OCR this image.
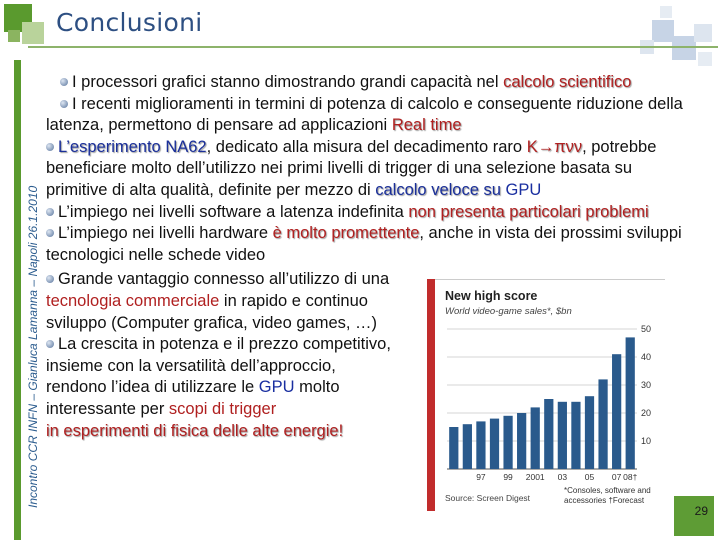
Incontro CCR INFN – Gianluca Lamanna – Napoli 26.1.2010
Conclusioni
I processori grafici stanno dimostrando grandi capacità nel calcolo scientifico
I recenti miglioramenti in termini di potenza di calcolo e conseguente riduzione della latenza, permettono di pensare ad applicazioni Real time
L’esperimento NA62, dedicato alla misura del decadimento raro K→πνν, potrebbe beneficiare molto dell’utilizzo nei primi livelli di trigger di una selezione basata su primitive di alta qualità, definite per mezzo di calcolo veloce su GPU
L’impiego nei livelli software a latenza indefinita non presenta particolari problemi
L’impiego nei livelli hardware è molto promettente, anche in vista dei prossimi sviluppi tecnologici nelle schede video
Grande vantaggio connesso all’utilizzo di una tecnologia commerciale in rapido e continuo sviluppo (Computer grafica, video games, …)
La crescita in potenza e il prezzo competitivo, insieme con la versatilità dell’approccio, rendono l’idea di utilizzare le GPU molto interessante per scopi di trigger
in esperimenti di fisica delle alte energie!
New high score
World video-game sales*, $bn
10
20
30
40
50
97 99 2001 03 05 07 08†
Source: Screen Digest
*Consoles, software and accessories †Forecast
29
